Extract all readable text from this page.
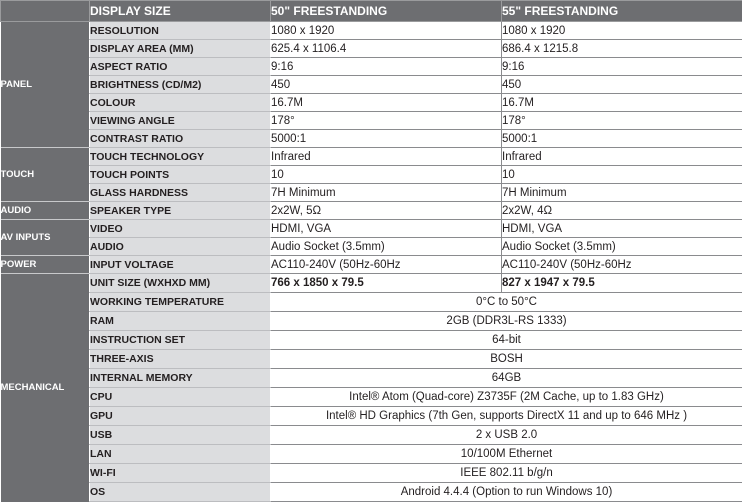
	DISPLAY SIZE	50" FREESTANDING	55" FREESTANDING
PANEL	RESOLUTION	1080 x 1920	1080 x 1920
	DISPLAY AREA (MM)	625.4 x 1106.4	686.4 x 1215.8
	ASPECT RATIO	9:16	9:16
	BRIGHTNESS (CD/M2)	450	450
	COLOUR	16.7M	16.7M
	VIEWING ANGLE	178°	178°
	CONTRAST RATIO	5000:1	5000:1
TOUCH	TOUCH TECHNOLOGY	Infrared	Infrared
	TOUCH POINTS	10	10
	GLASS HARDNESS	7H Minimum	7H Minimum
AUDIO	SPEAKER TYPE	2x2W, 5Ω	2x2W, 4Ω
AV INPUTS	VIDEO	HDMI, VGA	HDMI, VGA
	AUDIO	Audio Socket (3.5mm)	Audio Socket (3.5mm)
POWER	INPUT VOLTAGE	AC110-240V (50Hz-60Hz	AC110-240V (50Hz-60Hz
MECHANICAL	UNIT SIZE (WXHXD MM)	766 x 1850 x 79.5	827 x 1947 x 79.5
	WORKING TEMPERATURE	0°C to 50°C	
	RAM	2GB (DDR3L-RS 1333)	
	INSTRUCTION SET	64-bit	
	THREE-AXIS	BOSH	
	INTERNAL MEMORY	64GB	
	CPU	Intel® Atom (Quad-core) Z3735F (2M Cache, up to 1.83 GHz)	
	GPU	Intel® HD Graphics (7th Gen, supports DirectX 11 and up to 646 MHz )	
	USB	2 x USB 2.0	
	LAN	10/100M Ethernet	
	WI-FI	IEEE 802.11 b/g/n	
	OS	Android 4.4.4 (Option to run Windows 10)	
